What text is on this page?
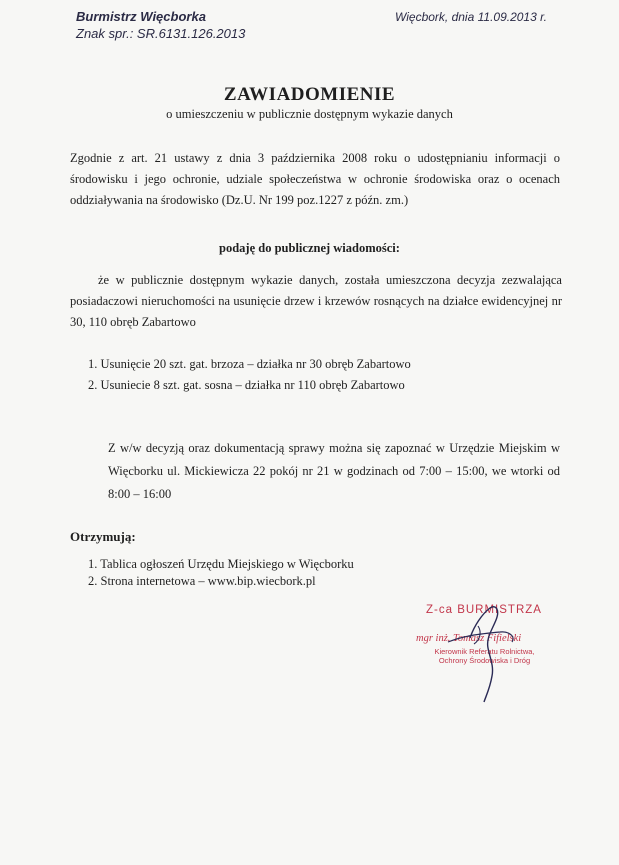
Burmistrz Więcborka
Znak spr.: SR.6131.126.2013
Więcbork, dnia 11.09.2013 r.
ZAWIADOMIENIE
o umieszczeniu w publicznie dostępnym wykazie danych
Zgodnie z art. 21 ustawy z dnia 3 października 2008 roku o udostępnianiu informacji o środowisku i jego ochronie, udziale społeczeństwa w ochronie środowiska oraz o ocenach oddziaływania na środowisko (Dz.U. Nr 199 poz.1227 z późn. zm.)
podaję do publicznej wiadomości:
że w publicznie dostępnym wykazie danych, została umieszczona decyzja zezwalająca posiadaczowi nieruchomości na usunięcie drzew i krzewów rosnących na działce ewidencyjnej nr 30, 110 obręb Zabartowo
1. Usunięcie 20 szt. gat. brzoza – działka nr 30 obręb Zabartowo
2. Usuniecie 8 szt. gat. sosna – działka nr 110 obręb Zabartowo
Z w/w decyzją oraz dokumentacją sprawy można się zapoznać w Urzędzie Miejskim w Więcborku ul. Mickiewicza 22 pokój nr 21 w godzinach od 7:00 – 15:00, we wtorki od 8:00 – 16:00
Otrzymują:
1. Tablica ogłoszeń Urzędu Miejskiego w Więcborku
2. Strona internetowa – www.bip.wiecbork.pl
Z-ca BURMISTRZA
mgr inż. Tomasz Fifielski
Kierownik Referatu Rolnictwa,
Ochrony Środowiska i Dróg
